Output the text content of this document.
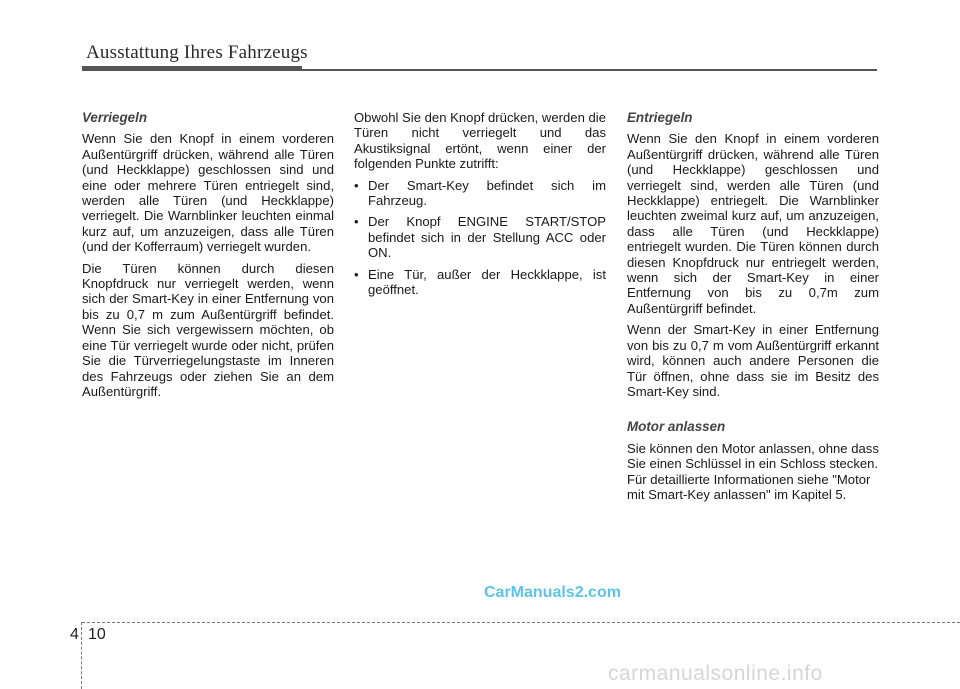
Ausstattung Ihres Fahrzeugs
Verriegeln
Wenn Sie den Knopf in einem vorderen Außentürgriff drücken, während alle Türen (und Heckklappe) geschlossen sind und eine oder mehrere Türen entriegelt sind, werden alle Türen (und Heckklappe) verriegelt. Die Warnblinker leuchten einmal kurz auf, um anzuzeigen, dass alle Türen (und der Kofferraum) verriegelt wurden.
Die Türen können durch diesen Knopfdruck nur verriegelt werden, wenn sich der Smart-Key in einer Entfernung von bis zu 0,7 m zum Außentürgriff befindet. Wenn Sie sich vergewissern möchten, ob eine Tür verriegelt wurde oder nicht, prüfen Sie die Türverriegelungstaste im Inneren des Fahrzeugs oder ziehen Sie an dem Außentürgriff.
Obwohl Sie den Knopf drücken, werden die Türen nicht verriegelt und das Akustiksignal ertönt, wenn einer der folgenden Punkte zutrifft:
• Der Smart-Key befindet sich im Fahrzeug.
• Der Knopf ENGINE START/STOP befindet sich in der Stellung ACC oder ON.
• Eine Tür, außer der Heckklappe, ist geöffnet.
Entriegeln
Wenn Sie den Knopf in einem vorderen Außentürgriff drücken, während alle Türen (und Heckklappe) geschlossen und verriegelt sind, werden alle Türen (und Heckklappe) entriegelt. Die Warnblinker leuchten zweimal kurz auf, um anzuzeigen, dass alle Türen (und Heckklappe) entriegelt wurden. Die Türen können durch diesen Knopfdruck nur entriegelt werden, wenn sich der Smart-Key in einer Entfernung von bis zu 0,7m zum Außentürgriff befindet.
Wenn der Smart-Key in einer Entfernung von bis zu 0,7 m vom Außentürgriff erkannt wird, können auch andere Personen die Tür öffnen, ohne dass sie im Besitz des Smart-Key sind.
Motor anlassen
Sie können den Motor anlassen, ohne dass Sie einen Schlüssel in ein Schloss stecken. Für detaillierte Informationen siehe "Motor mit Smart-Key anlassen" im Kapitel 5.
CarManuals2.com
4 10
carmanualsonline.info
